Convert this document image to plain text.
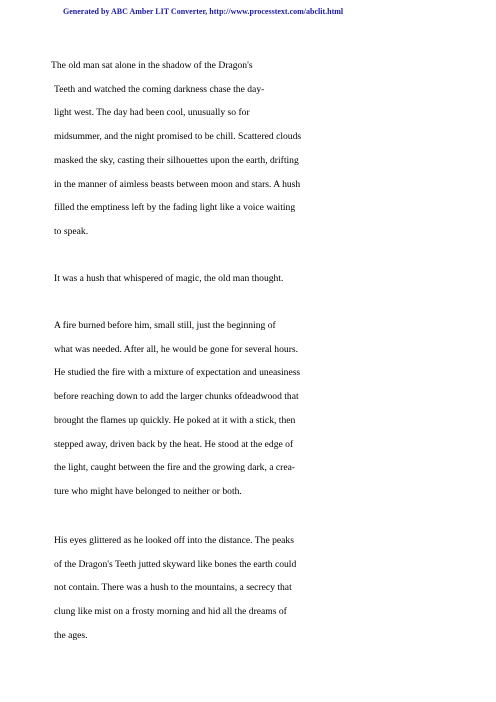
Generated by ABC Amber LIT Converter, http://www.processtext.com/abclit.html
The old man sat alone in the shadow of the Dragon's
Teeth and watched the coming darkness chase the day-
light west. The day had been cool, unusually so for
midsummer, and the night promised to be chill. Scattered clouds
masked the sky, casting their silhouettes upon the earth, drifting
in the manner of aimless beasts between moon and stars. A hush
filled the emptiness left by the fading light like a voice waiting
to speak.
It was a hush that whispered of magic, the old man thought.
A fire burned before him, small still, just the beginning of
what was needed. After all, he would be gone for several hours.
He studied the fire with a mixture of expectation and uneasiness
before reaching down to add the larger chunks ofdeadwood that
brought the flames up quickly. He poked at it with a stick, then
stepped away, driven back by the heat. He stood at the edge of
the light, caught between the fire and the growing dark, a crea-
ture who might have belonged to neither or both.
His eyes glittered as he looked off into the distance. The peaks
of the Dragon's Teeth jutted skyward like bones the earth could
not contain. There was a hush to the mountains, a secrecy that
clung like mist on a frosty morning and hid all the dreams of
the ages.
